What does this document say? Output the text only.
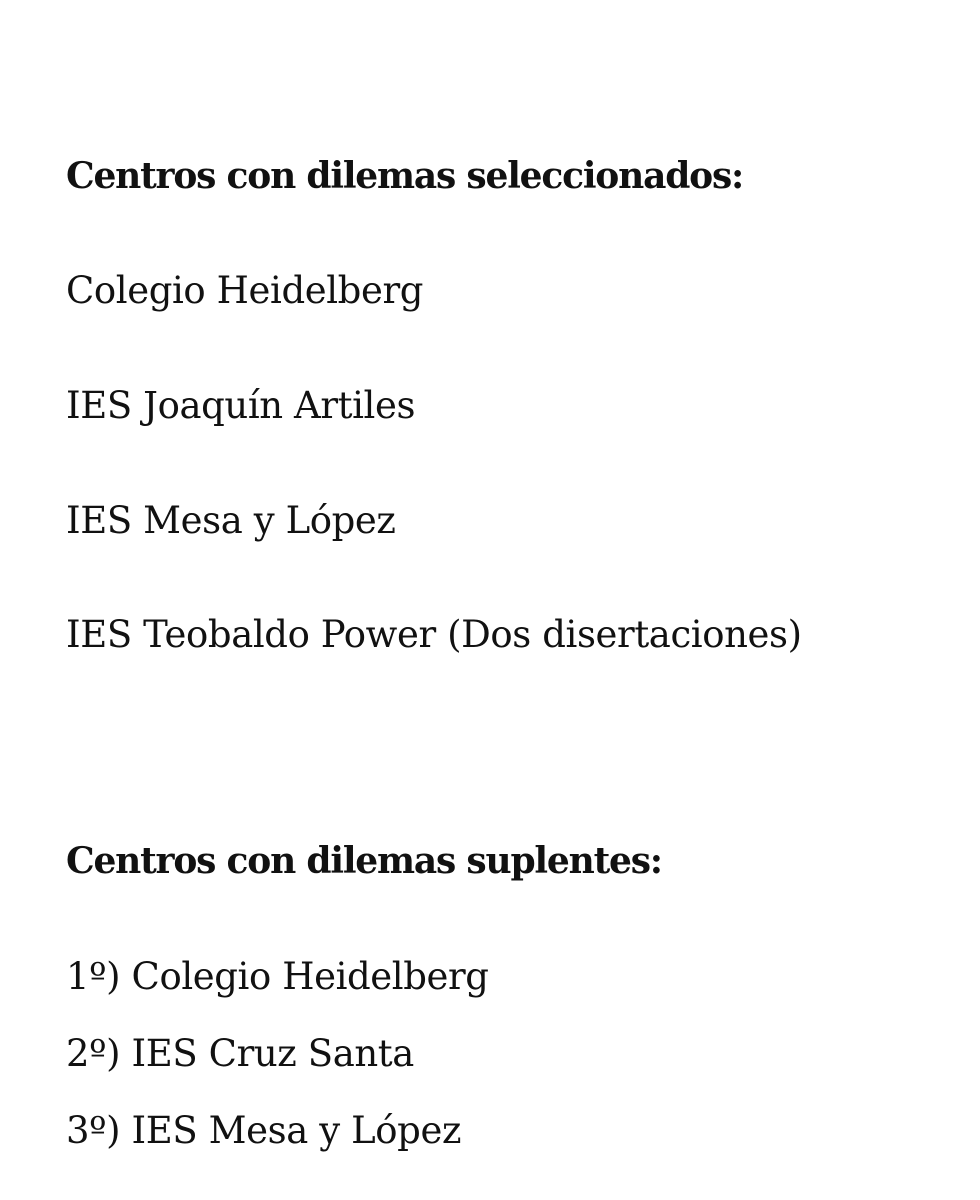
Centros con dilemas seleccionados:

Colegio Heidelberg

IES Joaquín Artiles

IES Mesa y López

IES Teobaldo Power (Dos disertaciones)

Centros con dilemas suplentes:

1º) Colegio Heidelberg

2º) IES Cruz Santa

3º) IES Mesa y López
